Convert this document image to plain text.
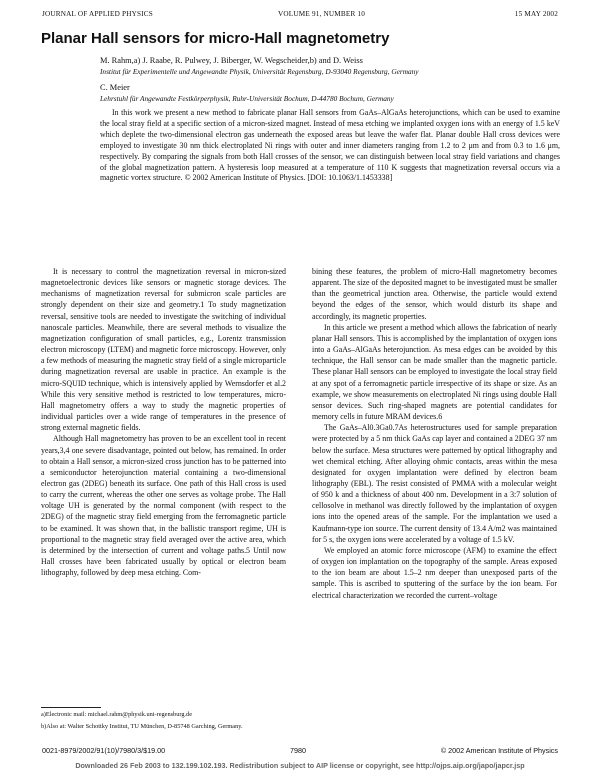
JOURNAL OF APPLIED PHYSICS	VOLUME 91, NUMBER 10	15 MAY 2002
Planar Hall sensors for micro-Hall magnetometry
M. Rahm,a) J. Raabe, R. Pulwey, J. Biberger, W. Wegscheider,b) and D. Weiss
Institut für Experimentelle und Angewandte Physik, Universität Regensburg, D-93040 Regensburg, Germany
C. Meier
Lehrstuhl für Angewandte Festkörperphysik, Ruhr-Universität Bochum, D-44780 Bochum, Germany
In this work we present a new method to fabricate planar Hall sensors from GaAs–AlGaAs heterojunctions, which can be used to examine the local stray field at a specific section of a micron-sized magnet. Instead of mesa etching we implanted oxygen ions with an energy of 1.5 keV which deplete the two-dimensional electron gas underneath the exposed areas but leave the wafer flat. Planar double Hall cross devices were employed to investigate 30 nm thick electroplated Ni rings with outer and inner diameters ranging from 1.2 to 2 μm and from 0.3 to 1.6 μm, respectively. By comparing the signals from both Hall crosses of the sensor, we can distinguish between local stray field variations and changes of the global magnetization pattern. A hysteresis loop measured at a temperature of 110 K suggests that magnetization reversal occurs via a magnetic vortex structure. © 2002 American Institute of Physics. [DOI: 10.1063/1.1453338]

It is necessary to control the magnetization reversal in micron-sized magnetoelectronic devices like sensors or magnetic storage devices. The mechanisms of magnetization reversal for submicron scale particles are strongly dependent on their size and geometry.1 To study magnetization reversal, sensitive tools are needed to investigate the switching of individual nanoscale particles. Meanwhile, there are several methods to visualize the magnetization configuration of small particles, e.g., Lorentz transmission electron microscopy (LTEM) and magnetic force microscopy. However, only a few methods of measuring the magnetic stray field of a single microparticle during magnetization reversal are usable in practice. An example is the micro-SQUID technique, which is intensively applied by Wernsdorfer et al.2 While this very sensitive method is restricted to low temperatures, micro-Hall magnetometry offers a way to study the magnetic properties of individual particles over a wide range of temperatures in the presence of strong external magnetic fields.

Although Hall magnetometry has proven to be an excellent tool in recent years,3,4 one severe disadvantage, pointed out below, has remained. In order to obtain a Hall sensor, a micron-sized cross junction has to be patterned into a semiconductor heterojunction material containing a two-dimensional electron gas (2DEG) beneath its surface. One path of this Hall cross is used to carry the current, whereas the other one serves as voltage probe. The Hall voltage UH is generated by the normal component (with respect to the 2DEG) of the magnetic stray field emerging from the ferromagnetic particle to be examined. It was shown that, in the ballistic transport regime, UH is proportional to the magnetic stray field averaged over the active area, which is determined by the intersection of current and voltage paths.5 Until now Hall crosses have been fabricated usually by optical or electron beam lithography, followed by deep mesa etching. Com-

bining these features, the problem of micro-Hall magnetometry becomes apparent. The size of the deposited magnet to be investigated must be smaller than the geometrical junction area. Otherwise, the particle would extend beyond the edges of the sensor, which would disturb its shape and accordingly, its magnetic properties.

In this article we present a method which allows the fabrication of nearly planar Hall sensors. This is accomplished by the implantation of oxygen ions into a GaAs–AlGaAs heterojunction. As mesa edges can be avoided by this technique, the Hall sensor can be made smaller than the magnetic particle. These planar Hall sensors can be employed to investigate the local stray field at any spot of a ferromagnetic particle irrespective of its shape or size. As an example, we show measurements on electroplated Ni rings using double Hall sensor devices. Such ring-shaped magnets are potential candidates for memory cells in future MRAM devices.6

The GaAs–Al0.3Ga0.7As heterostructures used for sample preparation were protected by a 5 nm thick GaAs cap layer and contained a 2DEG 37 nm below the surface. Mesa structures were patterned by optical lithography and wet chemical etching. After alloying ohmic contacts, areas within the mesa designated for oxygen implantation were defined by electron beam lithography (EBL). The resist consisted of PMMA with a molecular weight of 950 k and a thickness of about 400 nm. Development in a 3:7 solution of cellosolve in methanol was directly followed by the implantation of oxygen ions into the opened areas of the sample. For the implantation we used a Kaufmann-type ion source. The current density of 13.4 A/m2 was maintained for 5 s, the oxygen ions were accelerated by a voltage of 1.5 kV.

We employed an atomic force microscope (AFM) to examine the effect of oxygen ion implantation on the topography of the sample. Areas exposed to the ion beam are about 1.5–2 nm deeper than unexposed parts of the sample. This is ascribed to sputtering of the surface by the ion beam. For electrical characterization we recorded the current–voltage

a)Electronic mail: michael.rahm@physik.uni-regensburg.de
b)Also at: Walter Schottky Institut, TU München, D-85748 Garching, Germany.
0021-8979/2002/91(10)/7980/3/$19.00	7980	© 2002 American Institute of Physics
Downloaded 26 Feb 2003 to 132.199.102.193. Redistribution subject to AIP license or copyright, see http://ojps.aip.org/japo/japcr.jsp
